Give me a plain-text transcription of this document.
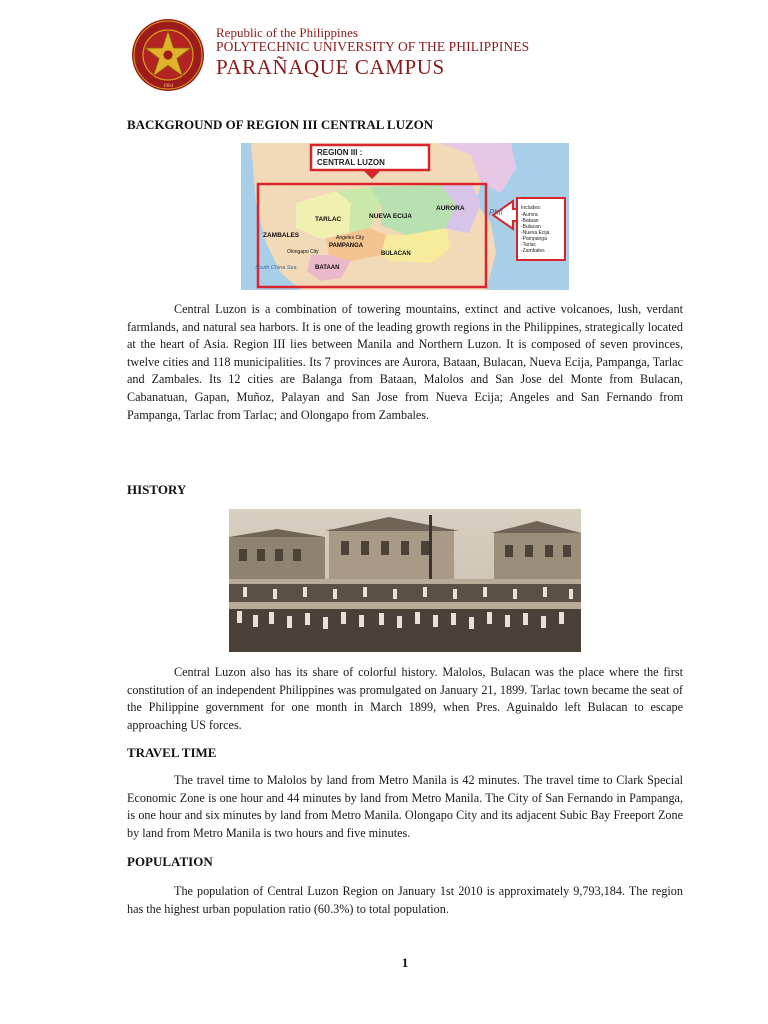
1904
Republic of the Philippines
POLYTECHNIC UNIVERSITY OF THE PHILIPPINES
PARAÑAQUE CAMPUS
BACKGROUND OF REGION III CENTRAL LUZON
REGION III :
CENTRAL LUZON
Includes:
-Aurora
-Bataan
-Bulacan
-Nueva Ecija
-Pampanga
-Tarlac
-Zambales
TARLAC	NUEVA ECIJA
AURORA
ZAMBALES	Angeles City
PAMPANGA
BULACAN
Olongapo City
BATAAN
South China Sea
Phil
Central Luzon is a combination of towering mountains, extinct and active volcanoes, lush, verdant farmlands, and natural sea harbors. It is one of the leading growth regions in the Philippines, strategically located at the heart of Asia. Region III lies between Manila and Northern Luzon. It is composed of seven provinces, twelve cities and 118 municipalities. Its 7 provinces are Aurora, Bataan, Bulacan, Nueva Ecija, Pampanga, Tarlac and Zambales. Its 12 cities are Balanga from Bataan, Malolos and San Jose del Monte from Bulacan, Cabanatuan, Gapan, Muñoz, Palayan and San Jose from Nueva Ecija; Angeles and San Fernando from Pampanga, Tarlac from Tarlac; and Olongapo from Zambales.
HISTORY
Central Luzon also has its share of colorful history. Malolos, Bulacan was the place where the first constitution of an independent Philippines was promulgated on January 21, 1899. Tarlac town became the seat of the Philippine government for one month in March 1899, when Pres. Aguinaldo left Bulacan to escape approaching US forces.
TRAVEL TIME
The travel time to Malolos by land from Metro Manila is 42 minutes. The travel time to Clark Special Economic Zone is one hour and 44 minutes by land from Metro Manila. The City of San Fernando in Pampanga, is one hour and six minutes by land from Metro Manila. Olongapo City and its adjacent Subic Bay Freeport Zone by land from Metro Manila is two hours and five minutes.
POPULATION
The population of Central Luzon Region on January 1st 2010 is approximately 9,793,184. The region has the highest urban population ratio (60.3%) to total population.
1
